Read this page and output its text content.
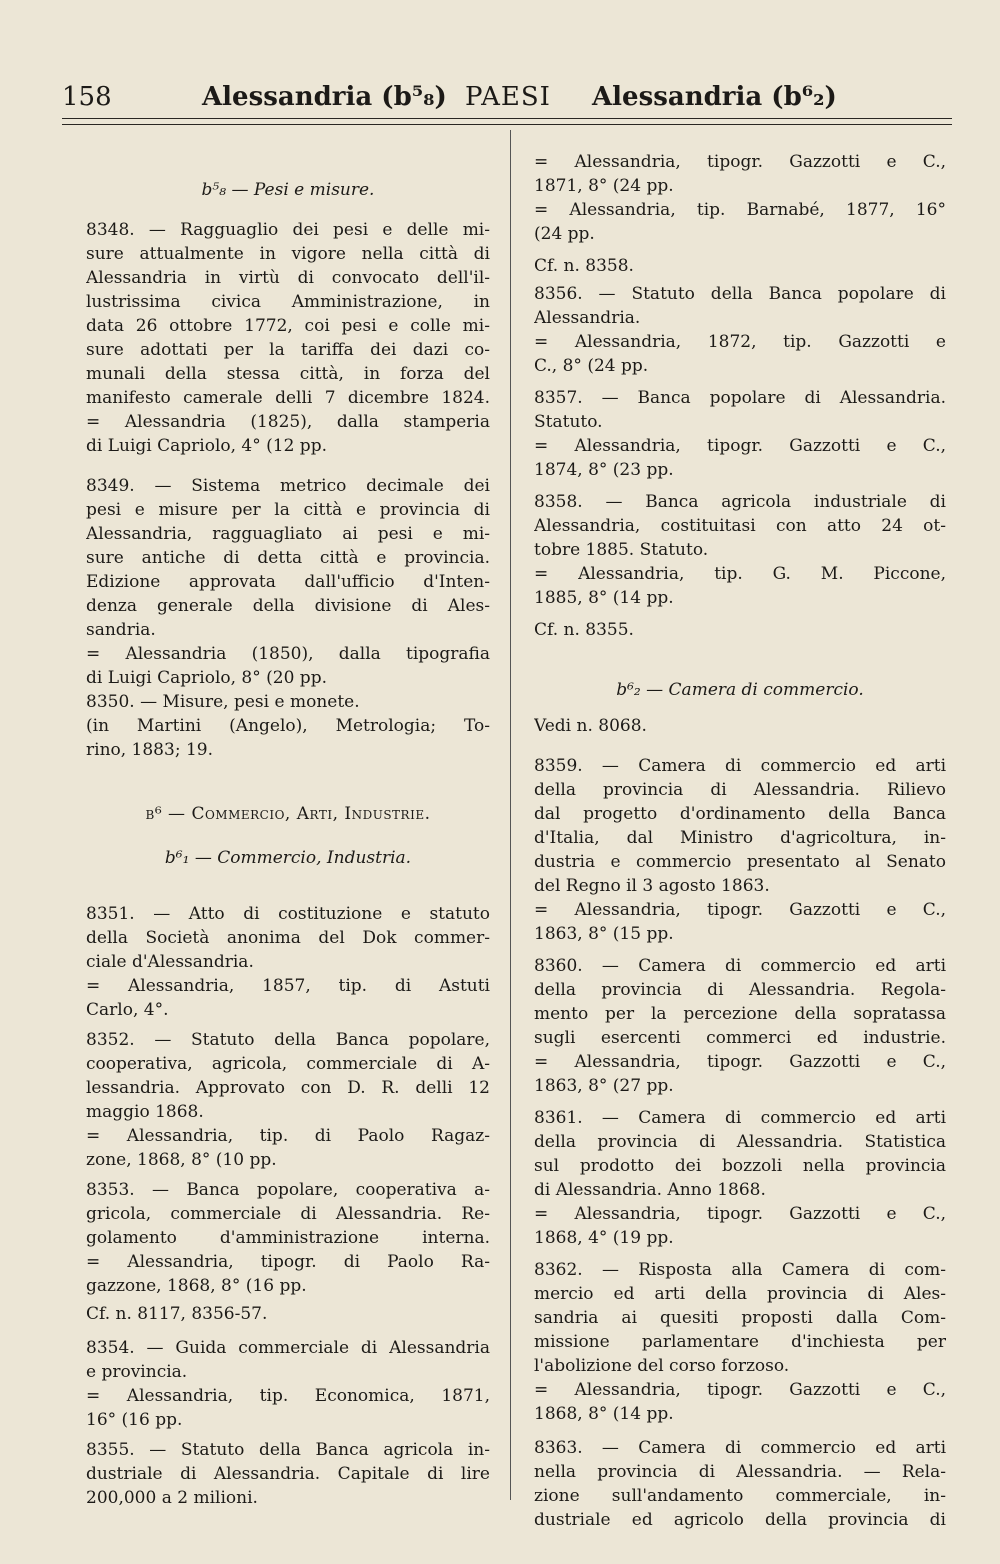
158	Alessandria (b⁵₈) PAESI Alessandria (b⁶₂)
b⁵₈ — Pesi e misure.
8348. — Ragguaglio dei pesi e delle mi-
sure attualmente in vigore nella città di
Alessandria in virtù di convocato dell'il-
lustrissima civica Amministrazione, in
data 26 ottobre 1772, coi pesi e colle mi-
sure adottati per la tariffa dei dazi co-
munali della stessa città, in forza del
manifesto camerale delli 7 dicembre 1824.
= Alessandria (1825), dalla stamperia
di Luigi Capriolo, 4° (12 pp.
8349. — Sistema metrico decimale dei
pesi e misure per la città e provincia di
Alessandria, ragguagliato ai pesi e mi-
sure antiche di detta città e provincia.
Edizione approvata dall'ufficio d'Inten-
denza generale della divisione di Ales-
sandria.
= Alessandria (1850), dalla tipografia
di Luigi Capriolo, 8° (20 pp.
8350. — Misure, pesi e monete.
(in Martini (Angelo), Metrologia; To-
rino, 1883; 19.
b⁶ — Commercio, Arti, Industrie.
b⁶₁ — Commercio, Industria.
8351. — Atto di costituzione e statuto
della Società anonima del Dok commer-
ciale d'Alessandria.
= Alessandria, 1857, tip. di Astuti
Carlo, 4°.
8352. — Statuto della Banca popolare,
cooperativa, agricola, commerciale di A-
lessandria. Approvato con D. R. delli 12
maggio 1868.
= Alessandria, tip. di Paolo Ragaz-
zone, 1868, 8° (10 pp.
8353. — Banca popolare, cooperativa a-
gricola, commerciale di Alessandria. Re-
golamento d'amministrazione interna.
= Alessandria, tipogr. di Paolo Ra-
gazzone, 1868, 8° (16 pp.
Cf. n. 8117, 8356-57.
8354. — Guida commerciale di Alessandria
e provincia.
= Alessandria, tip. Economica, 1871,
16° (16 pp.
8355. — Statuto della Banca agricola in-
dustriale di Alessandria. Capitale di lire
200,000 a 2 milioni.
= Alessandria, tipogr. Gazzotti e C.,
1871, 8° (24 pp.
= Alessandria, tip. Barnabé, 1877, 16°
(24 pp.
Cf. n. 8358.
8356. — Statuto della Banca popolare di
Alessandria.
= Alessandria, 1872, tip. Gazzotti e
C., 8° (24 pp.
8357. — Banca popolare di Alessandria.
Statuto.
= Alessandria, tipogr. Gazzotti e C.,
1874, 8° (23 pp.
8358. — Banca agricola industriale di
Alessandria, costituitasi con atto 24 ot-
tobre 1885. Statuto.
= Alessandria, tip. G. M. Piccone,
1885, 8° (14 pp.
Cf. n. 8355.
b⁶₂ — Camera di commercio.
Vedi n. 8068.
8359. — Camera di commercio ed arti
della provincia di Alessandria. Rilievo
dal progetto d'ordinamento della Banca
d'Italia, dal Ministro d'agricoltura, in-
dustria e commercio presentato al Senato
del Regno il 3 agosto 1863.
= Alessandria, tipogr. Gazzotti e C.,
1863, 8° (15 pp.
8360. — Camera di commercio ed arti
della provincia di Alessandria. Regola-
mento per la percezione della sopratassa
sugli esercenti commerci ed industrie.
= Alessandria, tipogr. Gazzotti e C.,
1863, 8° (27 pp.
8361. — Camera di commercio ed arti
della provincia di Alessandria. Statistica
sul prodotto dei bozzoli nella provincia
di Alessandria. Anno 1868.
= Alessandria, tipogr. Gazzotti e C.,
1868, 4° (19 pp.
8362. — Risposta alla Camera di com-
mercio ed arti della provincia di Ales-
sandria ai quesiti proposti dalla Com-
missione parlamentare d'inchiesta per
l'abolizione del corso forzoso.
= Alessandria, tipogr. Gazzotti e C.,
1868, 8° (14 pp.
8363. — Camera di commercio ed arti
nella provincia di Alessandria. — Rela-
zione sull'andamento commerciale, in-
dustriale ed agricolo della provincia di
